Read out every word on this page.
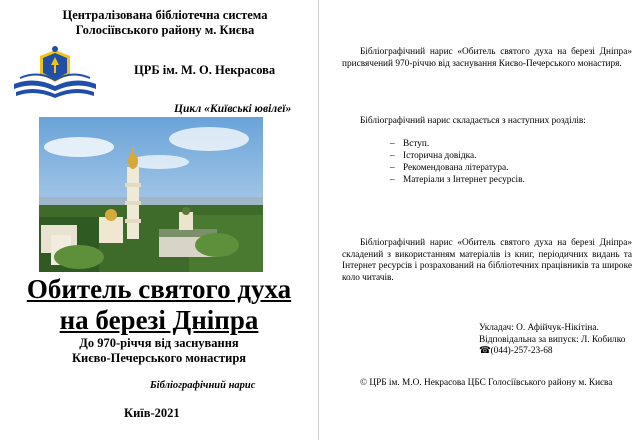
Централізована бібліотечна система
Голосіївського району м. Києва
ЦРБ ім. М. О. Некрасова
Цикл «Київські ювілеї»
Обитель святого духа
на березі Дніпра
До 970-річчя від заснування
Києво-Печерського монастиря
Бібліографічний нарис
Київ-2021
Бібліографічний нарис «Обитель святого духа на березі Дніпра» присвячений 970-річчю від заснування Києво-Печерського монастиря.
Бібліографічний нарис складається з наступних розділів:
– Вступ.
– Історична довідка.
– Рекомендована література.
– Матеріали з Інтернет ресурсів.
Бібліографічний нарис «Обитель святого духа на березі Дніпра» складений з використанням матеріалів із книг, періодичних видань та Інтернет ресурсів і розрахований на бібліотечних працівників та широке коло читачів.
Укладач: О. Афійчук-Нікітіна.
Відповідальна за випуск: Л. Кобилко
☎(044)-257-23-68
© ЦРБ ім. М.О. Некрасова ЦБС Голосіївського району м. Києва
